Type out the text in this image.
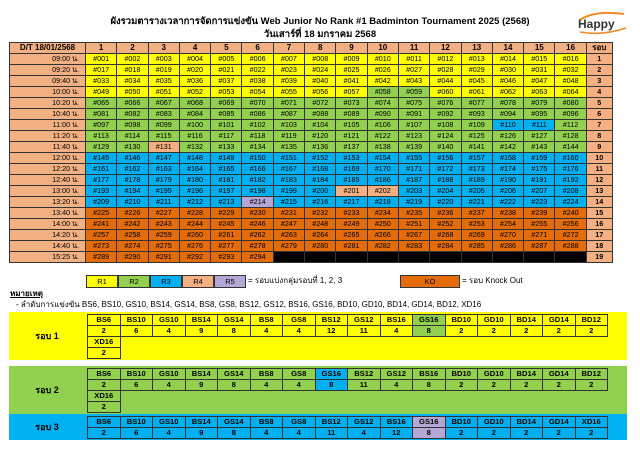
ผังรวมตารางเวลาการจัดการแข่งขัน Web Junior No Rank #1 Badminton Tournament 2025 (2568)
วันเสาร์ที่ 18 มกราคม 2568
Happy
D/T 18/01/2568	1	2	3	4	5	6	7	8	9	10	11	12	13	14	15	16	รอบ
09:00 น.	#001	#002	#003	#004	#005	#006	#007	#008	#009	#010	#011	#012	#013	#014	#015	#016	1
09:20 น.	#017	#018	#019	#020	#021	#022	#023	#024	#025	#026	#027	#028	#029	#030	#031	#032	2
09:40 น.	#033	#034	#035	#036	#037	#038	#039	#040	#041	#042	#043	#044	#045	#046	#047	#048	3
10:00 น.	#049	#050	#051	#052	#053	#054	#055	#056	#057	#058	#059	#060	#061	#062	#063	#064	4
10:20 น.	#065	#066	#067	#068	#069	#070	#071	#072	#073	#074	#075	#076	#077	#078	#079	#080	5
10:40 น.	#081	#082	#083	#084	#085	#086	#087	#088	#089	#090	#091	#092	#093	#094	#095	#096	6
11:00 น.	#097	#098	#099	#100	#101	#102	#103	#104	#105	#106	#107	#108	#109	#110	#111	#112	7
11:20 น.	#113	#114	#115	#116	#117	#118	#119	#120	#121	#122	#123	#124	#125	#126	#127	#128	8
11:40 น.	#129	#130	#131	#132	#133	#134	#135	#136	#137	#138	#139	#140	#141	#142	#143	#144	9
12:00 น.	#145	#146	#147	#148	#149	#150	#151	#152	#153	#154	#155	#156	#157	#158	#159	#160	10
12:20 น.	#161	#162	#163	#164	#165	#166	#167	#168	#169	#170	#171	#172	#173	#174	#175	#176	11
12:40 น.	#177	#178	#179	#180	#181	#182	#183	#184	#185	#186	#187	#188	#189	#190	#191	#192	12
13:00 น.	#193	#194	#195	#196	#197	#198	#199	#200	#201	#202	#203	#204	#205	#206	#207	#208	13
13:20 น.	#209	#210	#211	#212	#213	#214	#215	#216	#217	#218	#219	#220	#221	#222	#223	#224	14
13:40 น.	#225	#226	#227	#228	#229	#230	#231	#232	#233	#234	#235	#236	#237	#238	#239	#240	15
14:00 น.	#241	#242	#243	#244	#245	#246	#247	#248	#249	#250	#251	#252	#253	#254	#255	#256	16
14:20 น.	#257	#258	#259	#260	#261	#262	#263	#264	#265	#266	#267	#268	#269	#270	#271	#272	17
14:40 น.	#273	#274	#275	#276	#277	#278	#279	#280	#281	#282	#283	#284	#285	#286	#287	#288	18
15:25 น.	#289	#290	#291	#292	#293	#294											19
R1	R2	R3	R4	R5	= รอบแบ่งกลุ่มรอบที่ 1, 2, 3	KO	= รอบ Knock Out
หมายเหตุ
- ลำดับการแข่งขัน BS6, BS10, GS10, BS14, GS14, BS8, GS8, BS12, GS12, BS16, GS16, BD10, GD10, BD14, GD14, BD12, XD16
รอบ 1
BS6	BS10	GS10	BS14	GS14	BS8	GS8	BS12	GS12	BS16	GS16	BD10	GD10	BD14	GD14	BD12
2	6	4	9	8	4	4	12	11	4	8	2	2	2	2	2
XD16															
2															
รอบ 2
BS6	BS10	GS10	BS14	GS14	BS8	GS8	GS16	BS12	GS12	BS16	BD10	GD10	BD14	GD14	BD12
2	6	4	9	8	4	4	8	11	4	8	2	2	2	2	2
XD16															
2															
รอบ 3
BS6	BS10	GS10	BS14	GS14	BS8	GS8	BS12	GS12	BS16	GS16	BD10	GD10	BD14	GD14	XD16
2	6	4	9	8	4	4	11	4	12	8	2	2	2	2	2
